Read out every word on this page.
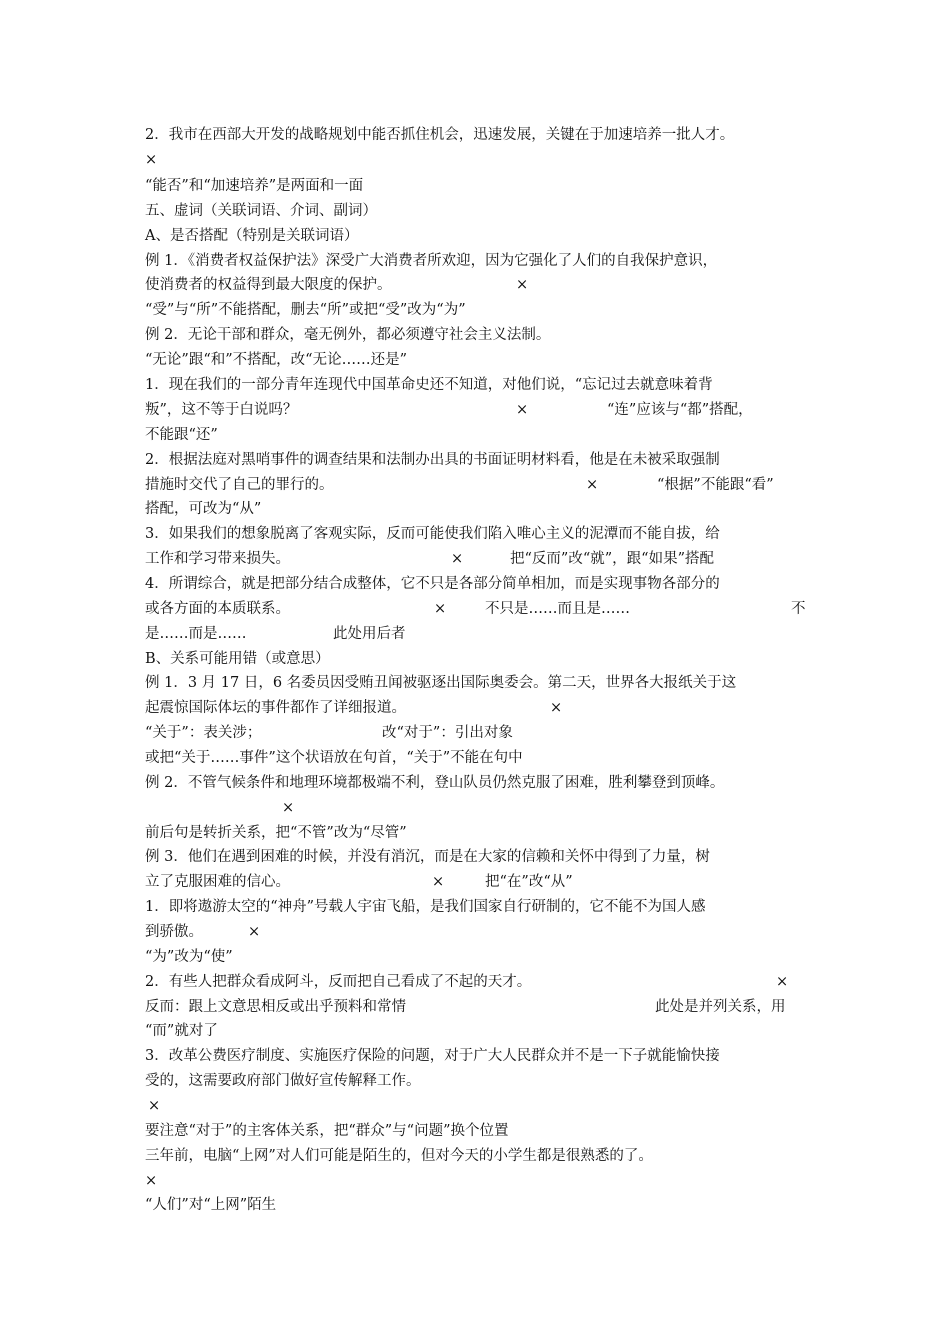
2．我市在西部大开发的战略规划中能否抓住机会，迅速发展，关键在于加速培养一批人才。
×
“能否”和“加速培养”是两面和一面
五、虚词（关联词语、介词、副词）
A、是否搭配（特别是关联词语）
例 1．《消费者权益保护法》深受广大消费者所欢迎，因为它强化了人们的自我保护意识，
使消费者的权益得到最大限度的保护。	×
“受”与“所”不能搭配，删去“所”或把“受”改为“为”
例 2．无论干部和群众，毫无例外，都必须遵守社会主义法制。
“无论”跟“和”不搭配，改“无论……还是”
1．现在我们的一部分青年连现代中国革命史还不知道，对他们说，“忘记过去就意味着背
叛”，这不等于白说吗？	×	“连”应该与“都”搭配，
不能跟“还”
2．根据法庭对黑哨事件的调查结果和法制办出具的书面证明材料看，他是在未被采取强制
措施时交代了自己的罪行的。	×	“根据”不能跟“看”
搭配，可改为“从”
3．如果我们的想象脱离了客观实际，反而可能使我们陷入唯心主义的泥潭而不能自拔，给
工作和学习带来损失。	×	把“反而”改“就”，跟“如果”搭配
4．所谓综合，就是把部分结合成整体，它不只是各部分简单相加，而是实现事物各部分的
或各方面的本质联系。	×	不只是……而且是……	不
是……而是……	此处用后者
B、关系可能用错（或意思）
例 1．3 月 17 日，6 名委员因受贿丑闻被驱逐出国际奥委会。第二天，世界各大报纸关于这
起震惊国际体坛的事件都作了详细报道。	×
“关于”：表关涉；	改“对于”：引出对象
或把“关于……事件”这个状语放在句首，“关于”不能在句中
例 2．不管气候条件和地理环境都极端不利，登山队员仍然克服了困难，胜利攀登到顶峰。
×
前后句是转折关系，把“不管”改为“尽管”
例 3．他们在遇到困难的时候，并没有消沉，而是在大家的信赖和关怀中得到了力量，树
立了克服困难的信心。	×	把“在”改“从”
1．即将遨游太空的“神舟”号载人宇宙飞船，是我们国家自行研制的，它不能不为国人感
到骄傲。	×
“为”改为“使”
2．有些人把群众看成阿斗，反而把自己看成了不起的天才。	×
反而：跟上文意思相反或出乎预料和常情	此处是并列关系，用
“而”就对了
3．改革公费医疗制度、实施医疗保险的问题，对于广大人民群众并不是一下子就能愉快接
受的，这需要政府部门做好宣传解释工作。
×
要注意“对于”的主客体关系，把“群众”与“问题”换个位置
三年前，电脑“上网”对人们可能是陌生的，但对今天的小学生都是很熟悉的了。
×
“人们”对“上网”陌生
